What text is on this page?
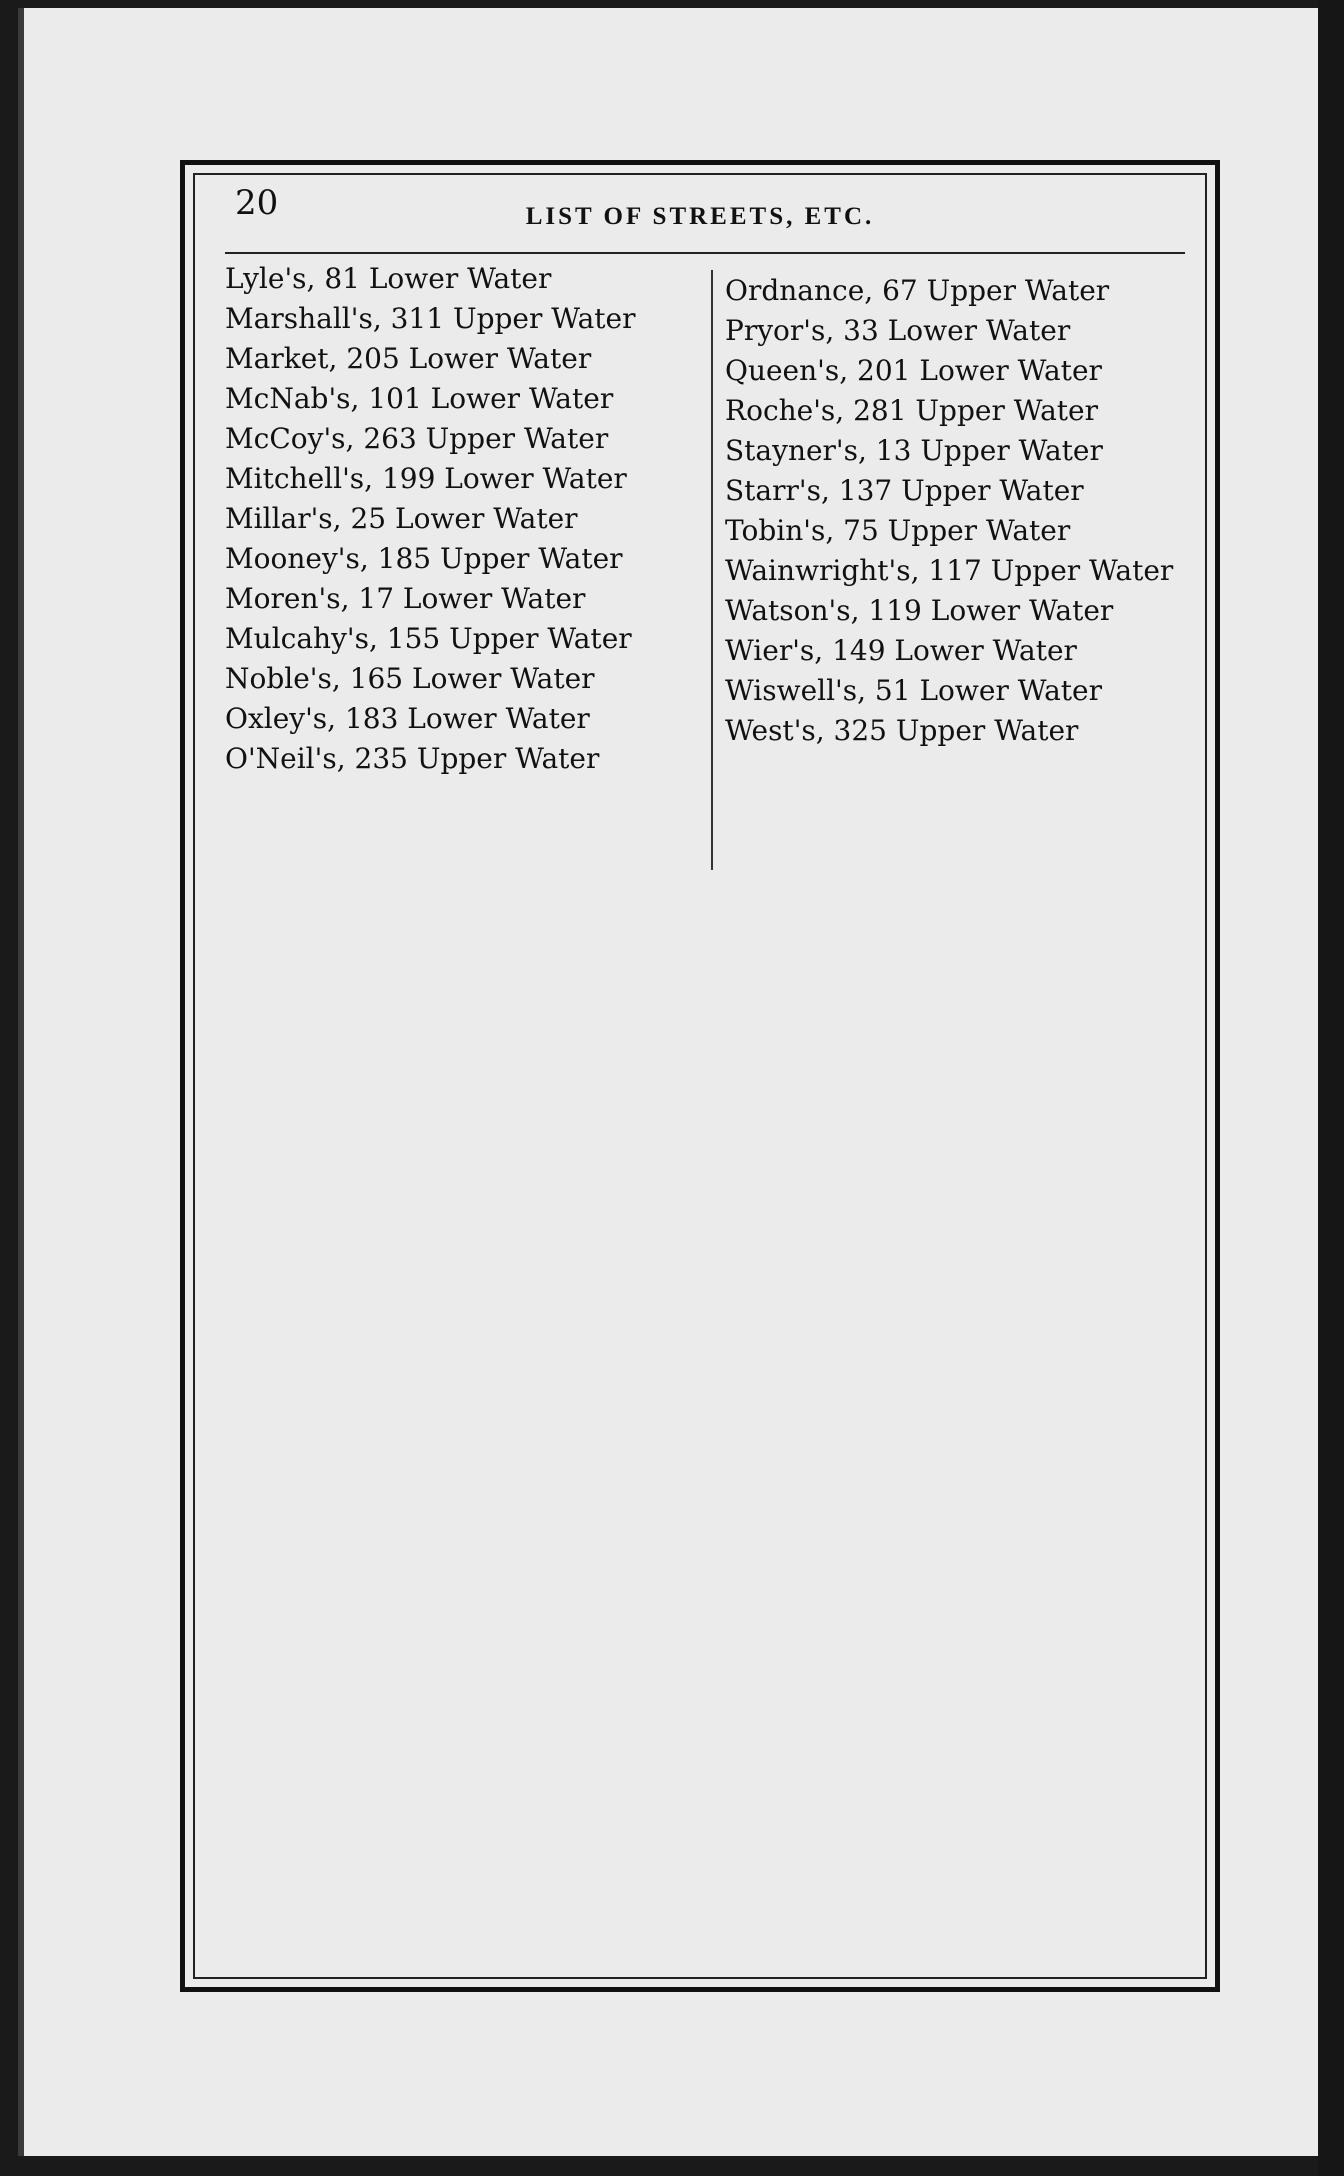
20	LIST OF STREETS, ETC.
Lyle's, 81 Lower Water
Marshall's, 311 Upper Water
Market, 205 Lower Water
McNab's, 101 Lower Water
McCoy's, 263 Upper Water
Mitchell's, 199 Lower Water
Millar's, 25 Lower Water
Mooney's, 185 Upper Water
Moren's, 17 Lower Water
Mulcahy's, 155 Upper Water
Noble's, 165 Lower Water
Oxley's, 183 Lower Water
O'Neil's, 235 Upper Water
Ordnance, 67 Upper Water
Pryor's, 33 Lower Water
Queen's, 201 Lower Water
Roche's, 281 Upper Water
Stayner's, 13 Upper Water
Starr's, 137 Upper Water
Tobin's, 75 Upper Water
Wainwright's, 117 Upper Water
Watson's, 119 Lower Water
Wier's, 149 Lower Water
Wiswell's, 51 Lower Water
West's, 325 Upper Water
